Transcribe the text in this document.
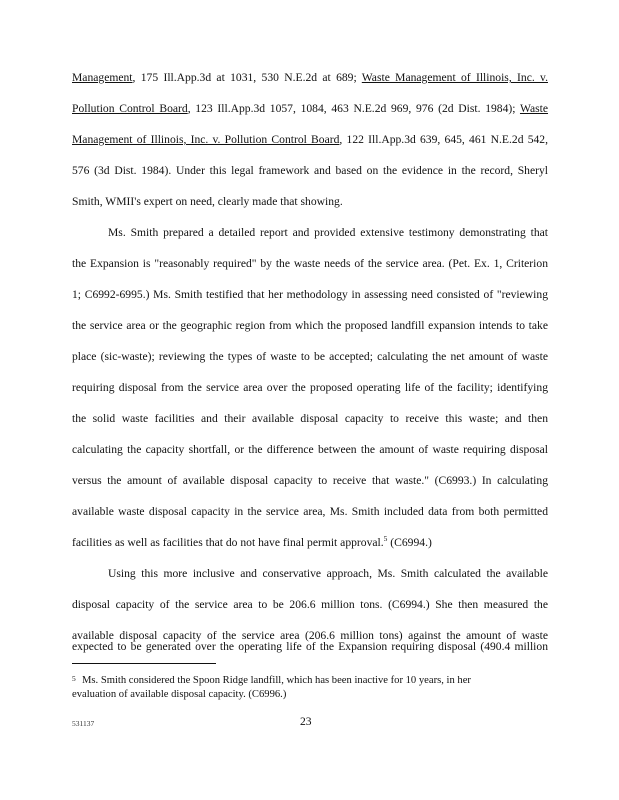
Management, 175 Ill.App.3d at 1031, 530 N.E.2d at 689; Waste Management of Illinois, Inc. v.
Pollution Control Board, 123 Ill.App.3d 1057, 1084, 463 N.E.2d 969, 976 (2d Dist. 1984); Waste
Management of Illinois, Inc. v. Pollution Control Board, 122 Ill.App.3d 639, 645, 461 N.E.2d 542,
576 (3d Dist. 1984). Under this legal framework and based on the evidence in the record, Sheryl
Smith, WMII's expert on need, clearly made that showing.
Ms. Smith prepared a detailed report and provided extensive testimony demonstrating that
the Expansion is "reasonably required" by the waste needs of the service area. (Pet. Ex. 1, Criterion
1; C6992-6995.) Ms. Smith testified that her methodology in assessing need consisted of "reviewing
the service area or the geographic region from which the proposed landfill expansion intends to take
place (sic-waste); reviewing the types of waste to be accepted; calculating the net amount of waste
requiring disposal from the service area over the proposed operating life of the facility; identifying
the solid waste facilities and their available disposal capacity to receive this waste; and then
calculating the capacity shortfall, or the difference between the amount of waste requiring disposal
versus the amount of available disposal capacity to receive that waste." (C6993.) In calculating
available waste disposal capacity in the service area, Ms. Smith included data from both permitted
facilities as well as facilities that do not have final permit approval.$^5$ (C6994.)
Using this more inclusive and conservative approach, Ms. Smith calculated the available
disposal capacity of the service area to be 206.6 million tons. (C6994.) She then measured the
available disposal capacity of the service area (206.6 million tons) against the amount of waste
expected to be generated over the operating life of the Expansion requiring disposal (490.4 million
5 Ms. Smith considered the Spoon Ridge landfill, which has been inactive for 10 years, in her
evaluation of available disposal capacity. (C6996.)
531137	23
